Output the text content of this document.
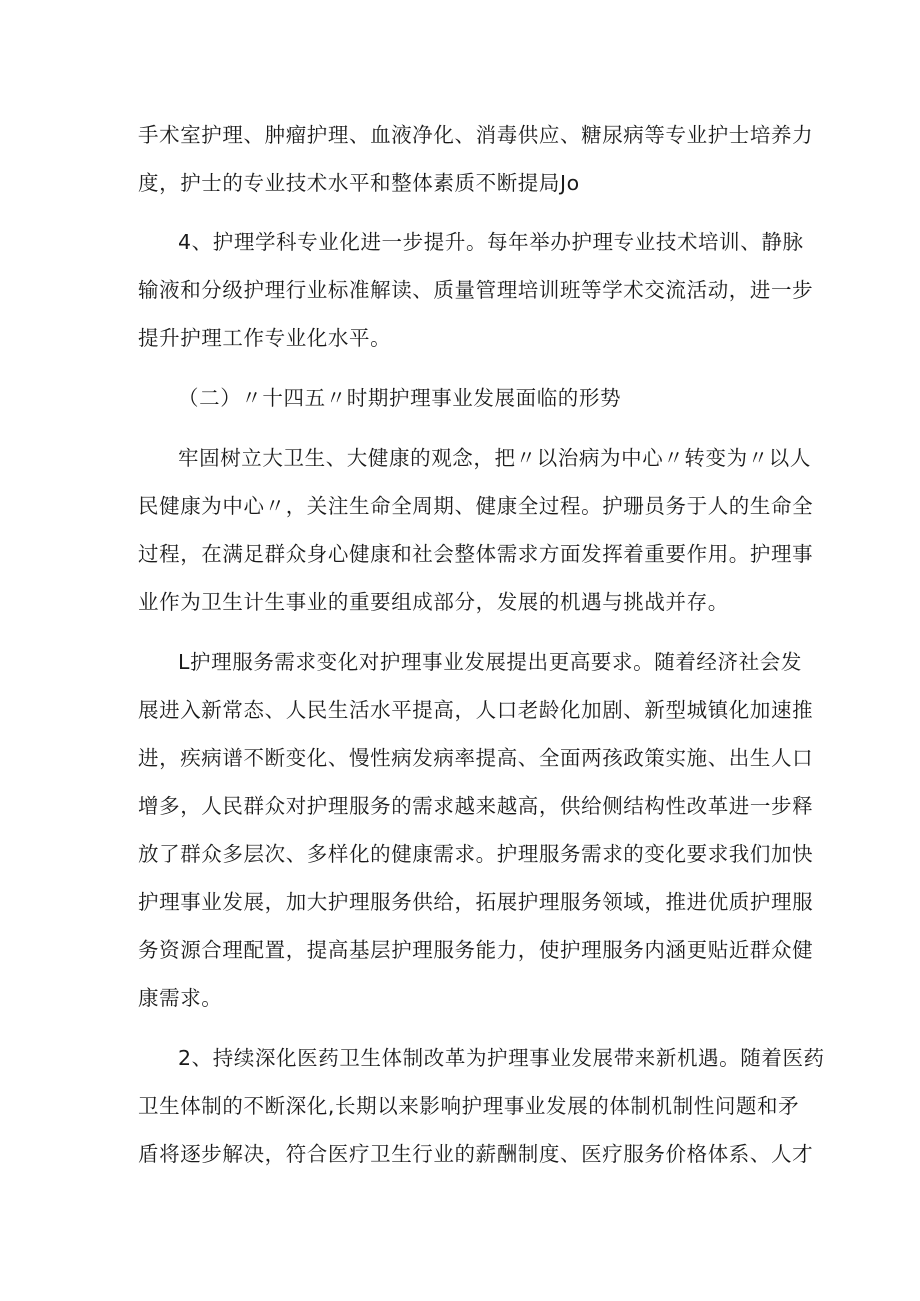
手术室护理、肿瘤护理、血液净化、消毒供应、糖尿病等专业护士培养力
度，护士的专业技术水平和整体素质不断提局Jo
4、护理学科专业化进一步提升。每年举办护理专业技术培训、静脉
输液和分级护理行业标准解读、质量管理培训班等学术交流活动，进一步
提升护理工作专业化水平。
（二）〃十四五〃时期护理事业发展面临的形势
牢固树立大卫生、大健康的观念，把〃以治病为中心〃转变为〃以人
民健康为中心〃，关注生命全周期、健康全过程。护珊员务于人的生命全
过程，在满足群众身心健康和社会整体需求方面发挥着重要作用。护理事
业作为卫生计生事业的重要组成部分，发展的机遇与挑战并存。
L护理服务需求变化对护理事业发展提出更高要求。随着经济社会发
展进入新常态、人民生活水平提高，人口老龄化加剧、新型城镇化加速推
进，疾病谱不断变化、慢性病发病率提高、全面两孩政策实施、出生人口
增多，人民群众对护理服务的需求越来越高，供给侧结构性改革进一步释
放了群众多层次、多样化的健康需求。护理服务需求的变化要求我们加快
护理事业发展，加大护理服务供给，拓展护理服务领域，推进优质护理服
务资源合理配置，提高基层护理服务能力，使护理服务内涵更贴近群众健
康需求。
2、持续深化医药卫生体制改革为护理事业发展带来新机遇。随着医药
卫生体制的不断深化,长期以来影响护理事业发展的体制机制性问题和矛
盾将逐步解决，符合医疗卫生行业的薪酬制度、医疗服务价格体系、人才
